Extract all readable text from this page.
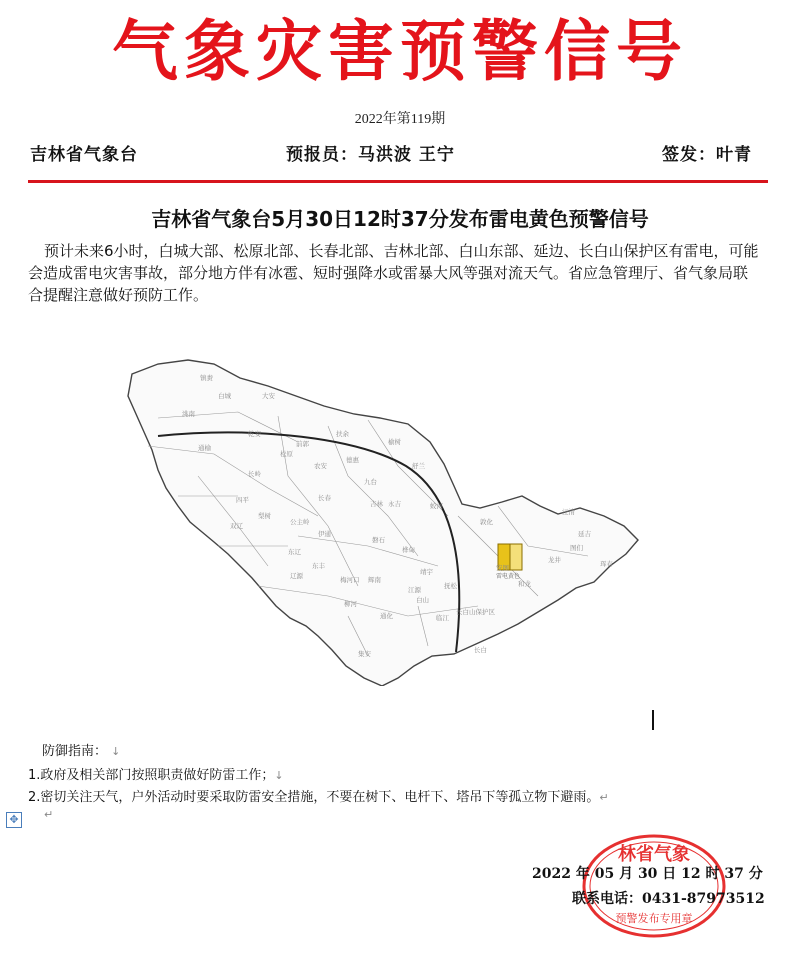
气象灾害预警信号
2022年第119期
吉林省气象台	预报员：马洪波 王宁	签发：叶青
吉林省气象台5月30日12时37分发布雷电黄色预警信号
预计未来6小时，白城大部、松原北部、长春北部、吉林北部、白山东部、延边、长白山保护区有雷电，可能会造成雷电灾害事故，部分地方伴有冰雹、短时强降水或雷暴大风等强对流天气。省应急管理厅、省气象局联合提醒注意做好预防工作。
雷电黄色
镇赉
洮南
通榆
大安
乾安
前郭
扶余
长岭
农安
德惠
舒兰
榆树
蛟河
敦化
汪清
珲春
图们
龙井
和龙
安图
抚松
长白
临江
通化
集安
柳河
辉南
梅河口
东丰
东辽
辽源
伊通
双辽
梨树
公主岭
长春
九台
永吉
吉林
磐石
桦甸
靖宇
白山
江源
四平
延吉
长白山保护区
白城
松原
防御指南： ↓
1.政府及相关部门按照职责做好防雷工作；↓
2.密切关注天气，户外活动时要采取防雷安全措施，不要在树下、电杆下、塔吊下等孤立物下避雨。↵
✥	↵
林省气象
预警发布专用章
2022 年 05 月 30 日 12 时 37 分
联系电话：0431-87973512
